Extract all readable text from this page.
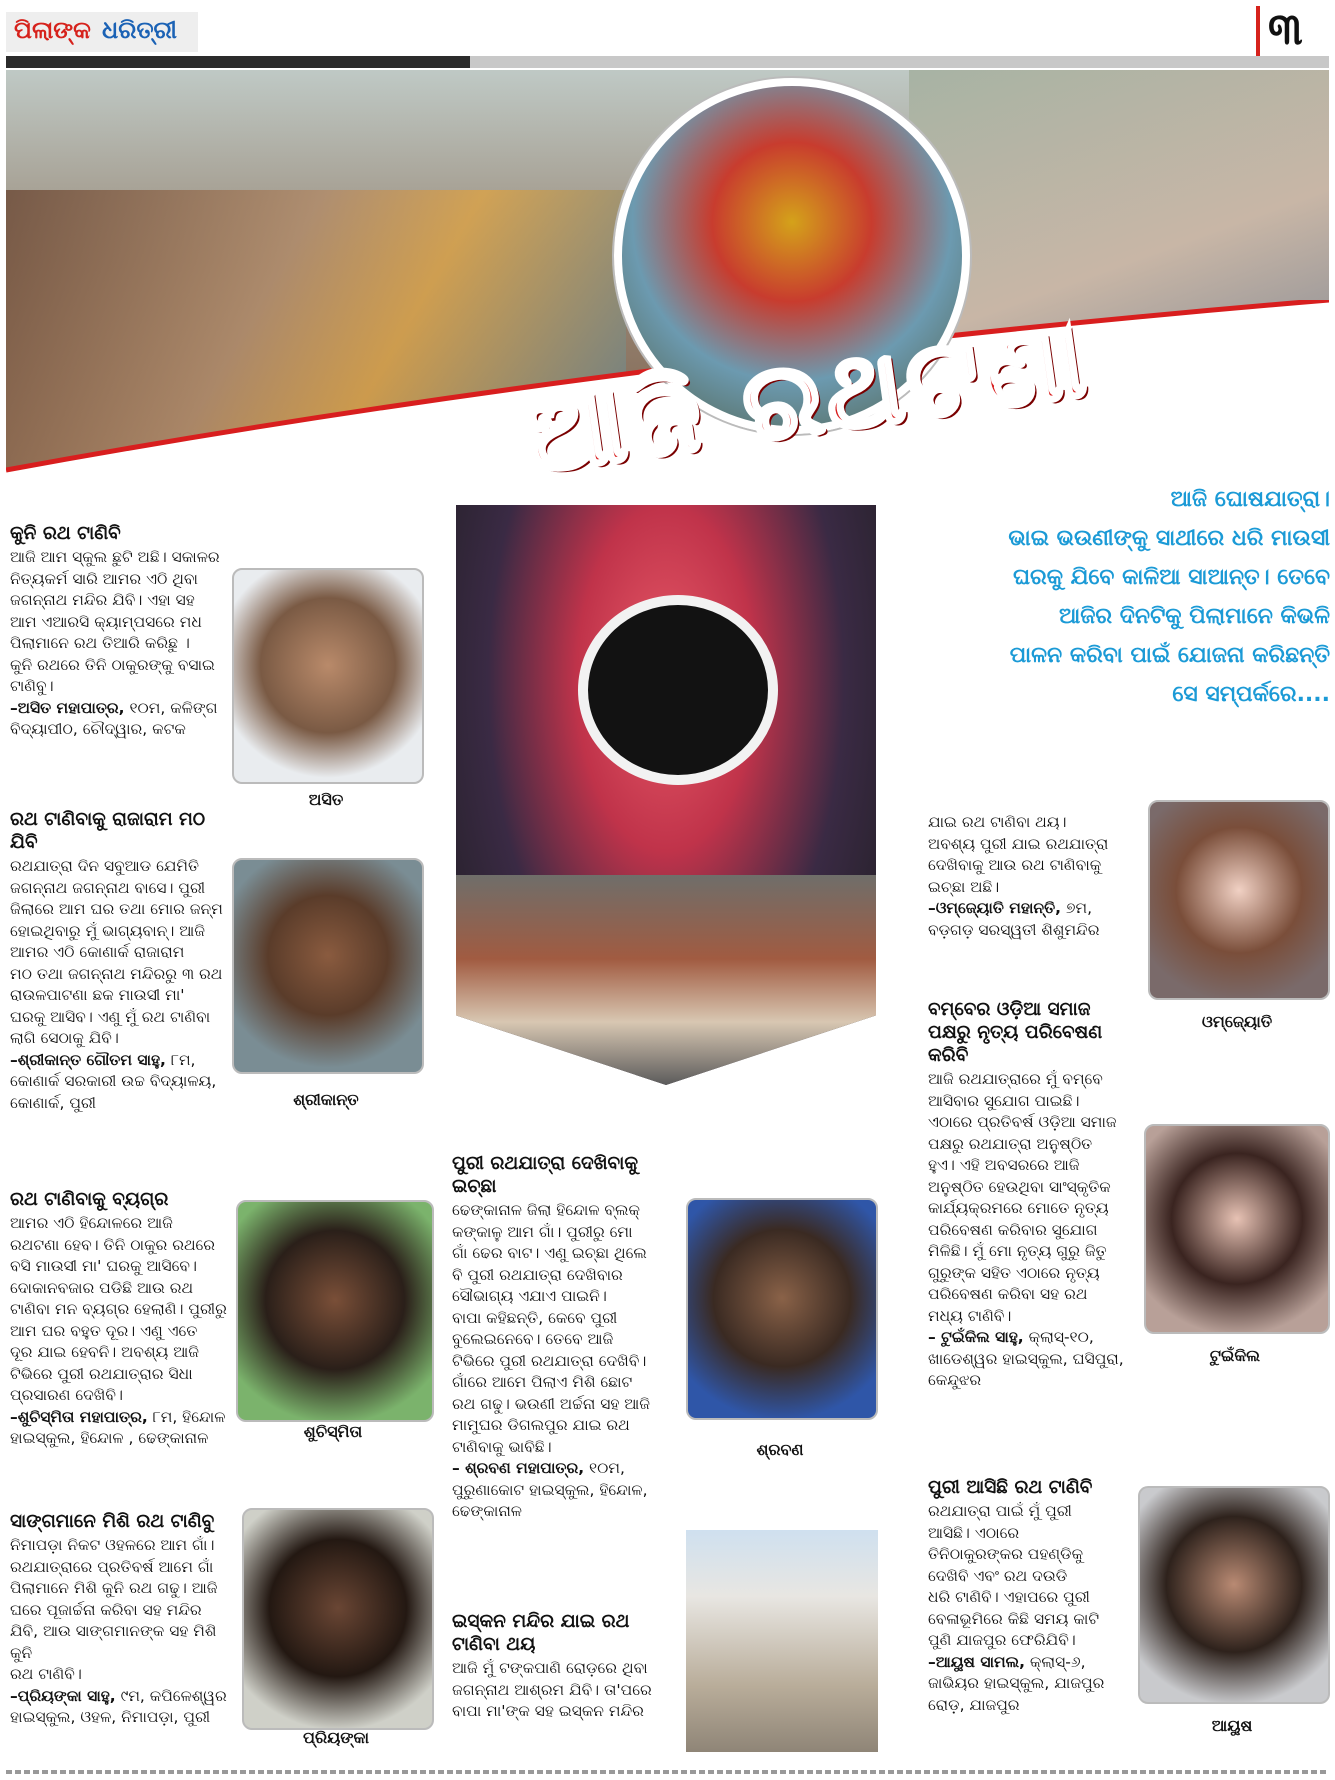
ପିଲାଙ୍କ ଧରିତ୍ରୀ	୩
ଆଜି ରଥଟଣା
ଆଜି ଘୋଷଯାତ୍ରା।
ଭାଇ ଭଉଣୀଙ୍କୁ ସାଥୀରେ ଧରି ମାଉସୀ
ଘରକୁ ଯିବେ କାଳିଆ ସାଆନ୍ତ। ତେବେ
ଆଜିର ଦିନଟିକୁ ପିଲାମାନେ କିଭଳି
ପାଳନ କରିବା ପାଇଁ ଯୋଜନା କରିଛନ୍ତି
ସେ ସମ୍ପର୍କରେ....
କୁନି ରଥ ଟାଣିବି
ଆଜି ଆମ ସ୍କୁଲ ଛୁଟି ଅଛି। ସକାଳର
ନିତ୍ୟକର୍ମ ସାରି ଆମର ଏଠି ଥିବା
ଜଗନ୍ନାଥ ମନ୍ଦିର ଯିବି। ଏହା ସହ
ଆମ ଏଆରସି କ୍ୟାମ୍ପସରେ ମଧ
ପିଲାମାନେ ରଥ ତିଆରି କରିଛୁ ।
କୁନି ରଥରେ ତିନି ଠାକୁରଙ୍କୁ ବସାଇ
ଟାଣିବୁ।
–ଅସିତ ମହାପାତ୍ର, ୧୦ମ, କଳିଙ୍ଗ
ବିଦ୍ୟାପୀଠ, ଚୌଦ୍ୱାର, କଟକ
ଅସିତ
ରଥ ଟାଣିବାକୁ ରାଜାରାମ ମଠ
ଯିବି
ରଥଯାତ୍ରା ଦିନ ସବୁଆଡ ଯେମିତି
ଜଗନ୍ନାଥ ଜଗନ୍ନାଥ ବାସେ। ପୁରୀ
ଜିଲାରେ ଆମ ଘର ତଥା ମୋର ଜନ୍ମ
ହୋଇଥିବାରୁ ମୁଁ ଭାଗ୍ୟବାନ୍। ଆଜି
ଆମର ଏଠି କୋଣାର୍କ ରାଜାରାମ
ମଠ ତଥା ଜଗନ୍ନାଥ ମନ୍ଦିରରୁ ୩ ରଥ
ରାଉଳପାଟଣା ଛକ ମାଉସୀ ମା'
ଘରକୁ ଆସିବ। ଏଣୁ ମୁଁ ରଥ ଟାଣିବା
ଲାଗି ସେଠାକୁ ଯିବି।
–ଶ୍ରୀକାନ୍ତ ଗୌତମ ସାହୁ, ୮ମ,
କୋଣାର୍କ ସରକାରୀ ଉଚ୍ଚ ବିଦ୍ୟାଳୟ,
କୋଣାର୍କ, ପୁରୀ	ଶ୍ରୀକାନ୍ତ
ରଥ ଟାଣିବାକୁ ବ୍ୟଗ୍ର
ଆମର ଏଠି ହିନ୍ଦୋଳରେ ଆଜି
ରଥଟଣା ହେବ। ତିନି ଠାକୁର ରଥରେ
ବସି ମାଉସୀ ମା' ଘରକୁ ଆସିବେ।
ଦୋକାନବଜାର ପଡିଛି ଆଉ ରଥ
ଟାଣିବା ମନ ବ୍ୟଗ୍ର ହେଲାଣି। ପୁରୀରୁ
ଆମ ଘର ବହୁତ ଦୂର। ଏଣୁ ଏତେ
ଦୂର ଯାଇ ହେବନି। ଅବଶ୍ୟ ଆଜି
ଟିଭିରେ ପୁରୀ ରଥଯାତ୍ରାର ସିଧା
ପ୍ରସାରଣ ଦେଖିବି।
–ଶୁଚିସ୍ମିତା ମହାପାତ୍ର, ୮ମ, ହିନ୍ଦୋଳ
ହାଇସ୍କୁଲ, ହିନ୍ଦୋଳ , ଢେଙ୍କାନାଳ	ଶୁଚିସ୍ମିତା
ସାଙ୍ଗମାନେ ମିଶି ରଥ ଟାଣିବୁ
ନିମାପଡ଼ା ନିକଟ ଓହଳରେ ଆମ ଗାଁ।
ରଥଯାତ୍ରାରେ ପ୍ରତିବର୍ଷ ଆମେ ଗାଁ
ପିଲାମାନେ ମିଶି କୁନି ରଥ ଗଢୁ। ଆଜି
ଘରେ ପୂଜାର୍ଚ୍ଚନା କରିବା ସହ ମନ୍ଦିର
ଯିବି, ଆଉ ସାଙ୍ଗମାନଙ୍କ ସହ ମିଶି କୁନି
ରଥ ଟାଣିବି।
–ପ୍ରିୟଙ୍କା ସାହୁ, ୯ମ, କପିଳେଶ୍ୱର
ହାଇସ୍କୁଲ, ଓହଳ, ନିମାପଡ଼ା, ପୁରୀ
ପ୍ରିୟଙ୍କା
ପୁରୀ ରଥଯାତ୍ରା ଦେଖିବାକୁ
ଇଚ୍ଛା
ଢେଙ୍କାନାଳ ଜିଲା ହିନ୍ଦୋଳ ବ୍ଲକ୍
କଙ୍କାଳୁ ଆମ ଗାଁ। ପୁରୀରୁ ମୋ
ଗାଁ ଢେର ବାଟ। ଏଣୁ ଇଚ୍ଛା ଥିଲେ
ବି ପୁରୀ ରଥଯାତ୍ରା ଦେଖିବାର
ସୌଭାଗ୍ୟ ଏଯାଏ ପାଇନି।
ବାପା କହିଛନ୍ତି, କେବେ ପୁରୀ
ବୁଲେଇନେବେ। ତେବେ ଆଜି
ଟିଭିରେ ପୁରୀ ରଥଯାତ୍ରା ଦେଖିବି।
ଗାଁରେ ଆମେ ପିଲାଏ ମିଶି ଛୋଟ
ରଥ ଗଢୁ। ଭଉଣୀ ଅର୍ଚ୍ଚନା ସହ ଆଜି
ମାମୁଘର ଡିଗଲପୁର ଯାଇ ରଥ
ଟାଣିବାକୁ ଭାବିଛି।
– ଶ୍ରବଣ ମହାପାତ୍ର, ୧୦ମ,
ପୁରୁଣାକୋଟ ହାଇସ୍କୁଲ, ହିନ୍ଦୋଳ,
ଢେଙ୍କାନାଳ
ଶ୍ରବଣ
ଇସ୍କନ ମନ୍ଦିର ଯାଇ ରଥ
ଟାଣିବା ଥୟ
ଆଜି ମୁଁ ଟଙ୍କପାଣି ରୋଡ଼ରେ ଥିବା
ଜଗନ୍ନାଥ ଆଶ୍ରମ ଯିବି। ତା'ପରେ
ବାପା ମା'ଙ୍କ ସହ ଇସ୍କନ ମନ୍ଦିର
ଯାଇ ରଥ ଟାଣିବା ଥୟ।
ଅବଶ୍ୟ ପୁରୀ ଯାଇ ରଥଯାତ୍ରା
ଦେଖିବାକୁ ଆଉ ରଥ ଟାଣିବାକୁ
ଇଚ୍ଛା ଅଛି।
–ଓମ୍‌ଜ୍ୟୋତି ମହାନ୍ତି, ୭ମ,
ବଡ଼ଗଡ଼ ସରସ୍ୱତୀ ଶିଶୁମନ୍ଦିର
ଓମ୍‌ଜ୍ୟୋତି
ବମ୍ବେର ଓଡ଼ିଆ ସମାଜ
ପକ୍ଷରୁ ନୃତ୍ୟ ପରିବେଷଣ
କରିବି
ଆଜି ରଥଯାତ୍ରାରେ ମୁଁ ବମ୍ବେ
ଆସିବାର ସୁଯୋଗ ପାଇଛି।
ଏଠାରେ ପ୍ରତିବର୍ଷ ଓଡ଼ିଆ ସମାଜ
ପକ୍ଷରୁ ରଥଯାତ୍ରା ଅନୁଷ୍ଠିତ
ହୁଏ। ଏହି ଅବସରରେ ଆଜି
ଅନୁଷ୍ଠିତ ହେଉଥିବା ସାଂସ୍କୃତିକ
କାର୍ଯ୍ୟକ୍ରମରେ ମୋତେ ନୃତ୍ୟ
ପରିବେଷଣ କରିବାର ସୁଯୋଗ
ମିଳିଛି। ମୁଁ ମୋ ନୃତ୍ୟ ଗୁରୁ ଜିତୁ
ଗୁରୁଙ୍କ ସହିତ ଏଠାରେ ନୃତ୍ୟ
ପରିବେଷଣ କରିବା ସହ ରଥ
ମଧ୍ୟ ଟାଣିବି।
– ଟୁଇଁକିଲ ସାହୁ, କ୍ଲାସ୍‌-୧୦,
ଖାଡେଶ୍ୱର ହାଇସ୍କୁଲ, ଘସିପୁରା,
କେନ୍ଦୁଝର
ଟୁଇଁକିଲ
ପୁରୀ ଆସିଛି ରଥ ଟାଣିବି
ରଥଯାତ୍ରା ପାଇଁ ମୁଁ ପୁରୀ
ଆସିଛି। ଏଠାରେ
ତିନିଠାକୁରଙ୍କର ପହଣ୍ଡିକୁ
ଦେଖିବି ଏବଂ ରଥ ଦଉଡି
ଧରି ଟାଣିବି। ଏହାପରେ ପୁରୀ
ବେଳାଭୂମିରେ କିଛି ସମୟ କାଟି
ପୁଣି ଯାଜପୁର ଫେରିଯିବି।
–ଆୟୁଷ ସାମଲ, କ୍ଲାସ୍‌-୬,
ଜାଭିୟର ହାଇସ୍କୁଲ, ଯାଜପୁର
ରୋଡ଼, ଯାଜପୁର
ଆୟୁଷ
